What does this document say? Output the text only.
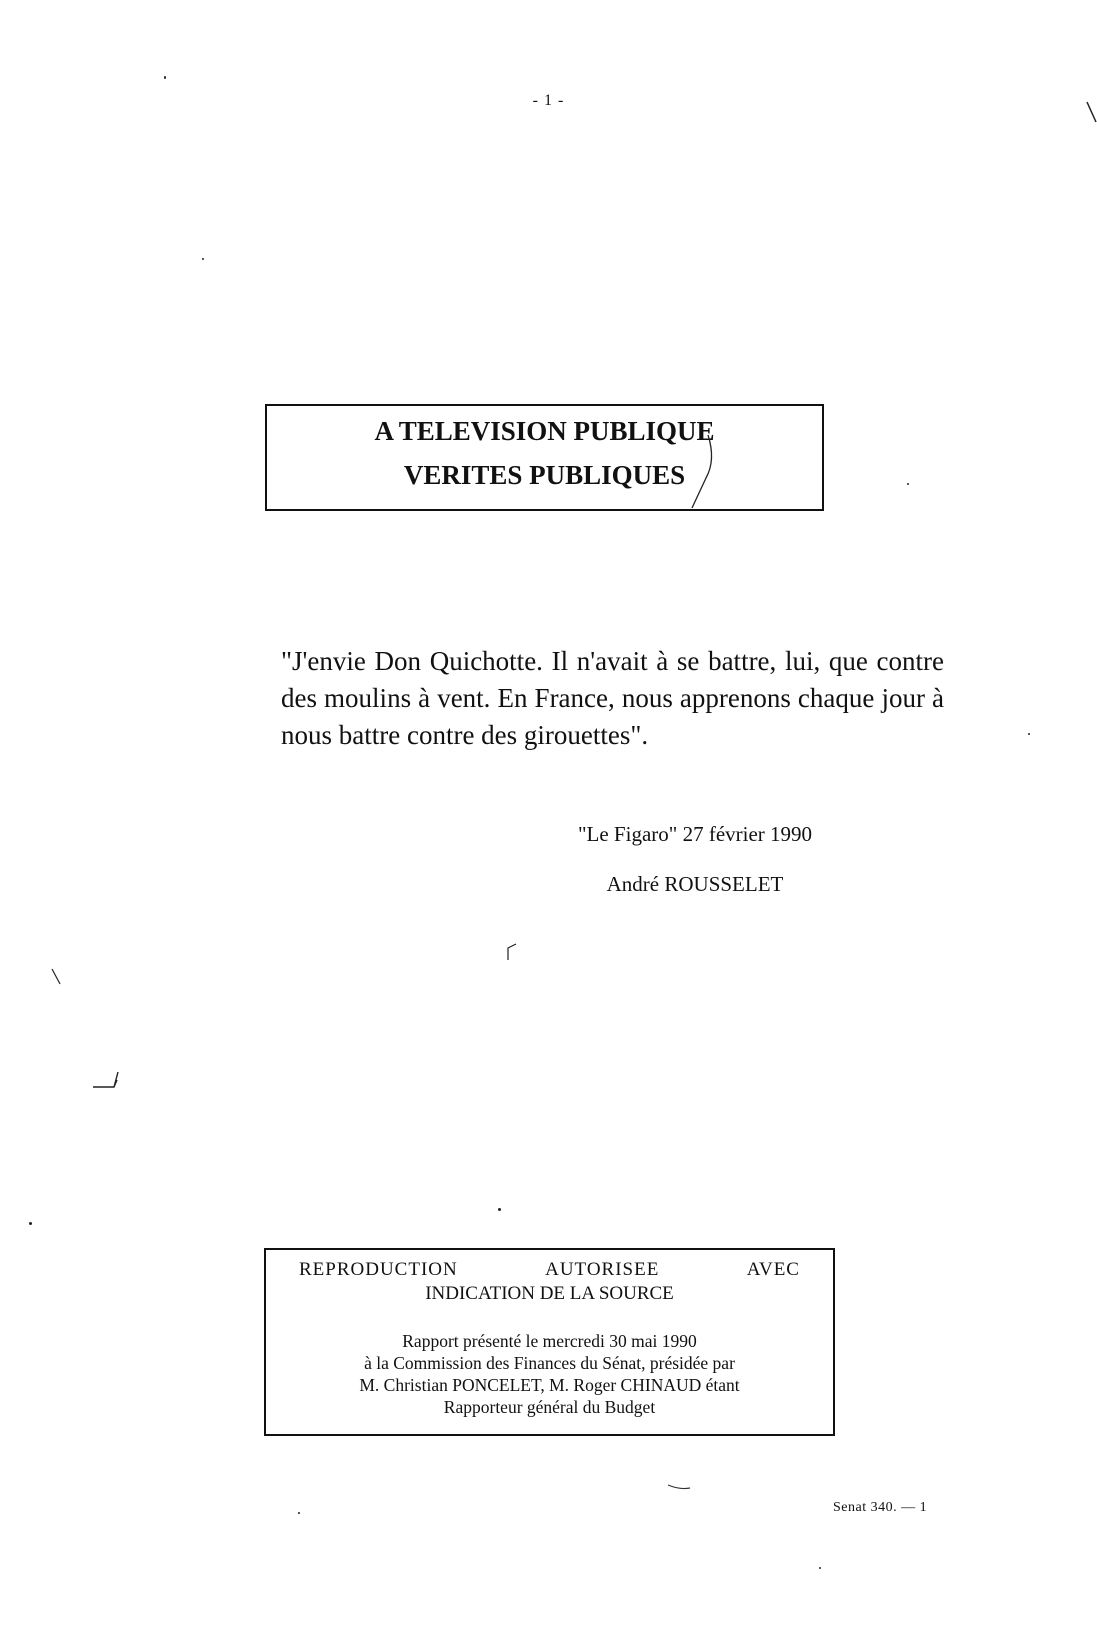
- 1 -
A TELEVISION PUBLIQUE
VERITES PUBLIQUES
"J'envie Don Quichotte. Il n'avait à se battre, lui, que contre des moulins à vent. En France, nous apprenons chaque jour à nous battre contre des girouettes".
"Le Figaro" 27 février 1990
André ROUSSELET
REPRODUCTION	AUTORISEE	AVEC
INDICATION DE LA SOURCE
Rapport présenté le mercredi 30 mai 1990
à la Commission des Finances du Sénat, présidée par
M. Christian PONCELET, M. Roger CHINAUD étant
Rapporteur général du Budget
Senat 340. — 1
